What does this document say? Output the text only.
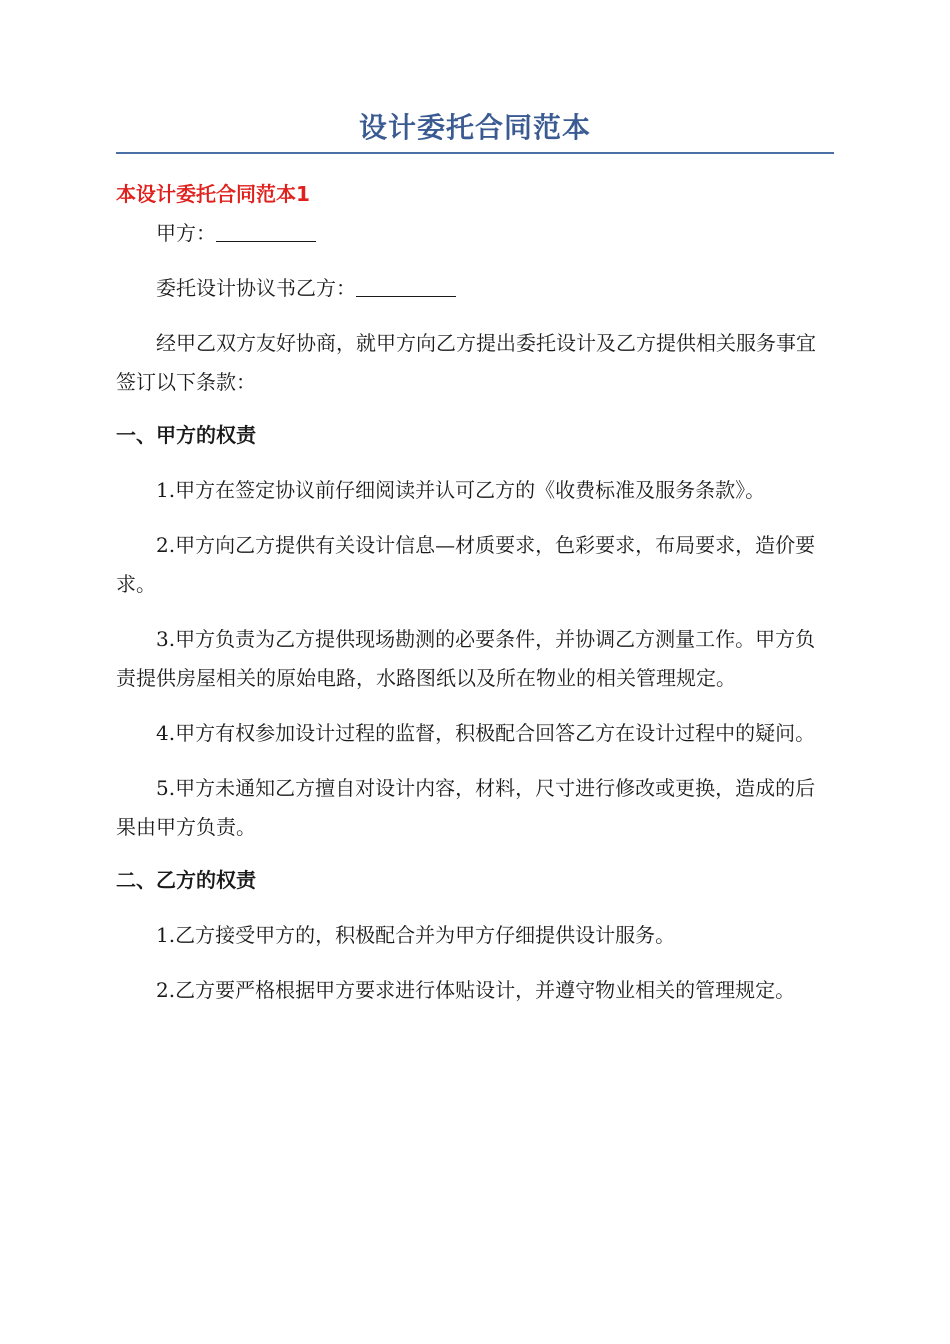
设计委托合同范本
本设计委托合同范本1

甲方：

委托设计协议书乙方：

经甲乙双方友好协商，就甲方向乙方提出委托设计及乙方提供相关服务事宜签订以下条款：

一、甲方的权责

1.甲方在签定协议前仔细阅读并认可乙方的《收费标准及服务条款》。

2.甲方向乙方提供有关设计信息—材质要求，色彩要求，布局要求，造价要求。

3.甲方负责为乙方提供现场勘测的必要条件，并协调乙方测量工作。甲方负责提供房屋相关的原始电路，水路图纸以及所在物业的相关管理规定。

4.甲方有权参加设计过程的监督，积极配合回答乙方在设计过程中的疑问。

5.甲方未通知乙方擅自对设计内容，材料，尺寸进行修改或更换，造成的后果由甲方负责。

二、乙方的权责

1.乙方接受甲方的，积极配合并为甲方仔细提供设计服务。

2.乙方要严格根据甲方要求进行体贴设计，并遵守物业相关的管理规定。
